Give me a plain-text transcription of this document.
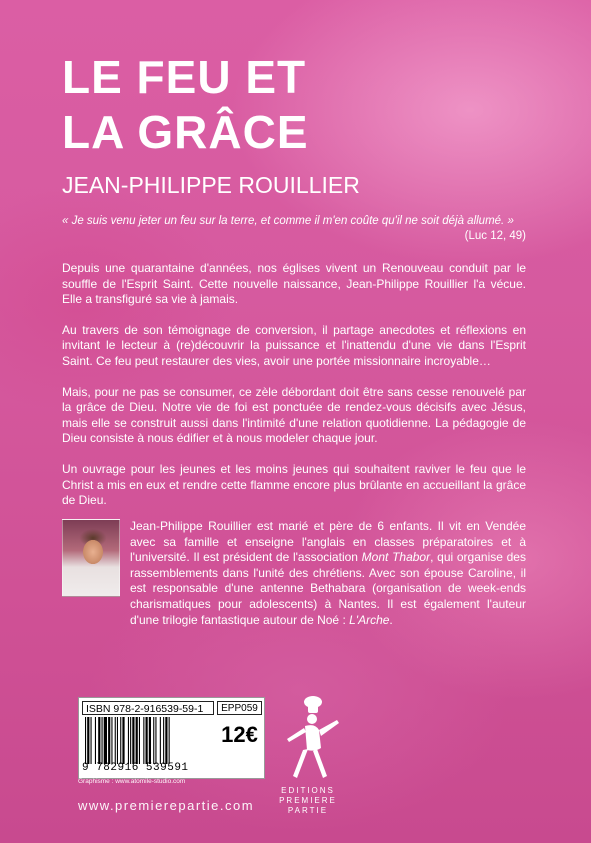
LE FEU ET
LA GRÂCE
JEAN-PHILIPPE ROUILLIER
« Je suis venu jeter un feu sur la terre, et comme il m'en coûte qu'il ne soit déjà allumé. »
(Luc 12, 49)

Depuis une quarantaine d'années, nos églises vivent un Renouveau conduit par le souffle de l'Esprit Saint. Cette nouvelle naissance, Jean-Philippe Rouillier l'a vécue. Elle a transfiguré sa vie à jamais.

Au travers de son témoignage de conversion, il partage anecdotes et réflexions en invitant le lecteur à (re)découvrir la puissance et l'inattendu d'une vie dans l'Esprit Saint. Ce feu peut restaurer des vies, avoir une portée missionnaire incroyable…

Mais, pour ne pas se consumer, ce zèle débordant doit être sans cesse renouvelé par la grâce de Dieu. Notre vie de foi est ponctuée de rendez-vous décisifs avec Jésus, mais elle se construit aussi dans l'intimité d'une relation quotidienne. La pédagogie de Dieu consiste à nous édifier et à nous modeler chaque jour.

Un ouvrage pour les jeunes et les moins jeunes qui souhaitent raviver le feu que le Christ a mis en eux et rendre cette flamme encore plus brûlante en accueillant la grâce de Dieu.

Jean-Philippe Rouillier est marié et père de 6 enfants. Il vit en Vendée avec sa famille et enseigne l'anglais en classes préparatoires et à l'université. Il est président de l'association Mont Thabor, qui organise des rassemblements dans l'unité des chrétiens. Avec son épouse Caroline, il est responsable d'une antenne Bethabara (organisation de week-ends charismatiques pour adolescents) à Nantes. Il est également l'auteur d'une trilogie fantastique autour de Noé : L'Arche.
ISBN 978-2-916539-59-1	EPP059
9 782916 539591
12€
Graphisme : www.atomile-studio.com
www.premierepartie.com
EDITIONS
PREMIERE
PARTIE
